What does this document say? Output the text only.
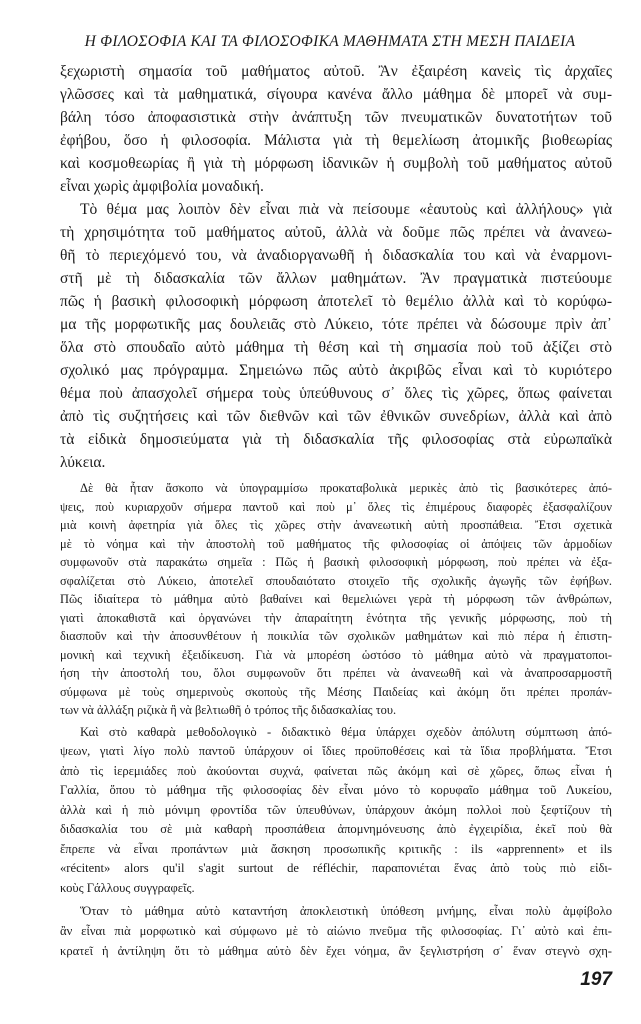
Η ΦΙΛΟΣΟΦΙΑ ΚΑΙ ΤΑ ΦΙΛΟΣΟΦΙΚΑ ΜΑΘΗΜΑΤΑ ΣΤΗ ΜΕΣΗ ΠΑΙΔΕΙΑ
ξεχωριστὴ σημασία τοῦ μαθήματος αὐτοῦ. Ἂν ἐξαιρέση κανεὶς τὶς ἀρχαῖες
γλῶσσες καὶ τὰ μαθηματικά, σίγουρα κανένα ἄλλο μάθημα δὲ μπορεῖ νὰ συμ-
βάλη τόσο ἀποφασιστικὰ στὴν ἀνάπτυξη τῶν πνευματικῶν δυνατοτήτων τοῦ
ἐφήβου, ὅσο ἡ φιλοσοφία. Μάλιστα γιὰ τὴ θεμελίωση ἀτομικῆς βιοθεωρίας
καὶ κοσμοθεωρίας ἢ γιὰ τὴ μόρφωση ἰδανικῶν ἡ συμβολὴ τοῦ μαθήματος αὐτοῦ
εἶναι χωρὶς ἀμφιβολία μοναδική.
Τὸ θέμα μας λοιπὸν δὲν εἶναι πιὰ νὰ πείσουμε «ἑαυτοὺς καὶ ἀλλήλους» γιὰ
τὴ χρησιμότητα τοῦ μαθήματος αὐτοῦ, ἀλλὰ νὰ δοῦμε πῶς πρέπει νὰ ἀνανεω-
θῆ τὸ περιεχόμενό του, νὰ ἀναδιοργανωθῆ ἡ διδασκαλία του καὶ νὰ ἐναρμονι-
στῆ μὲ τὴ διδασκαλία τῶν ἄλλων μαθημάτων. Ἂν πραγματικὰ πιστεύουμε
πῶς ἡ βασικὴ φιλοσοφικὴ μόρφωση ἀποτελεῖ τὸ θεμέλιο ἀλλὰ καὶ τὸ κορύφω-
μα τῆς μορφωτικῆς μας δουλειᾶς στὸ Λύκειο, τότε πρέπει νὰ δώσουμε πρὶν ἀπ᾽
ὅλα στὸ σπουδαῖο αὐτὸ μάθημα τὴ θέση καὶ τὴ σημασία ποὺ τοῦ ἀξίζει στὸ
σχολικό μας πρόγραμμα. Σημειώνω πῶς αὐτὸ ἀκριβῶς εἶναι καὶ τὸ κυριότερο
θέμα ποὺ ἀπασχολεῖ σήμερα τοὺς ὑπεύθυνους σ᾽ ὅλες τὶς χῶρες, ὅπως φαίνεται
ἀπὸ τὶς συζητήσεις καὶ τῶν διεθνῶν καὶ τῶν ἐθνικῶν συνεδρίων, ἀλλὰ καὶ ἀπὸ
τὰ εἰδικὰ δημοσιεύματα γιὰ τὴ διδασκαλία τῆς φιλοσοφίας στὰ εὐρωπαϊκὰ
λύκεια.
Δὲ θὰ ἦταν ἄσκοπο νὰ ὑπογραμμίσω προκαταβολικὰ μερικὲς ἀπὸ τὶς βασικότερες ἀπό-
ψεις, ποὺ κυριαρχοῦν σήμερα παντοῦ καὶ ποὺ μ᾽ ὅλες τὶς ἐπιμέρους διαφορὲς ἐξασφαλίζουν
μιὰ κοινὴ ἀφετηρία γιὰ ὅλες τὶς χῶρες στὴν ἀνανεωτικὴ αὐτὴ προσπάθεια. Ἔτσι σχετικὰ
μὲ τὸ νόημα καὶ τὴν ἀποστολὴ τοῦ μαθήματος τῆς φιλοσοφίας οἱ ἀπόψεις τῶν ἁρμοδίων
συμφωνοῦν στὰ παρακάτω σημεῖα : Πῶς ἡ βασικὴ φιλοσοφικὴ μόρφωση, ποὺ πρέπει νὰ ἐξα-
σφαλίζεται στὸ Λύκειο, ἀποτελεῖ σπουδαιότατο στοιχεῖο τῆς σχολικῆς ἀγωγῆς τῶν ἐφήβων.
Πῶς ἰδιαίτερα τὸ μάθημα αὐτὸ βαθαίνει καὶ θεμελιώνει γερὰ τὴ μόρφωση τῶν ἀνθρώπων,
γιατὶ ἀποκαθιστᾶ καὶ ὀργανώνει τὴν ἀπαραίτητη ἑνότητα τῆς γενικῆς μόρφωσης, ποὺ τὴ
διασποῦν καὶ τὴν ἀποσυνθέτουν ἡ ποικιλία τῶν σχολικῶν μαθημάτων καὶ πιὸ πέρα ἡ ἐπιστη-
μονικὴ καὶ τεχνικὴ ἐξειδίκευση. Γιὰ νὰ μπορέση ὡστόσο τὸ μάθημα αὐτὸ νὰ πραγματοποι-
ήση τὴν ἀποστολή του, ὅλοι συμφωνοῦν ὅτι πρέπει νὰ ἀνανεωθῆ καὶ νὰ ἀναπροσαρμοστῆ
σύμφωνα μὲ τοὺς σημερινοὺς σκοποὺς τῆς Μέσης Παιδείας καὶ ἀκόμη ὅτι πρέπει προπάν-
των νὰ ἀλλάξη ριζικὰ ἢ νὰ βελτιωθῆ ὁ τρόπος τῆς διδασκαλίας του.
Καὶ στὸ καθαρὰ μεθοδολογικὸ - διδακτικὸ θέμα ὑπάρχει σχεδὸν ἀπόλυτη σύμπτωση ἀπό-
ψεων, γιατὶ λίγο πολὺ παντοῦ ὑπάρχουν οἱ ἴδιες προϋποθέσεις καὶ τὰ ἴδια προβλήματα. Ἔτσι
ἀπὸ τὶς ἱερεμιάδες ποὺ ἀκούονται συχνά, φαίνεται πῶς ἀκόμη καὶ σὲ χῶρες, ὅπως εἶναι ἡ
Γαλλία, ὅπου τὸ μάθημα τῆς φιλοσοφίας δὲν εἶναι μόνο τὸ κορυφαῖο μάθημα τοῦ Λυκείου,
ἀλλὰ καὶ ἡ πιὸ μόνιμη φροντίδα τῶν ὑπευθύνων, ὑπάρχουν ἀκόμη πολλοὶ ποὺ ξεφτίζουν τὴ
διδασκαλία του σὲ μιὰ καθαρὴ προσπάθεια ἀπομνημόνευσης ἀπὸ ἐγχειρίδια, ἐκεῖ ποὺ θὰ
ἔπρεπε νὰ εἶναι προπάντων μιὰ ἄσκηση προσωπικῆς κριτικῆς : ils «apprennent» et ils
«récitent» alors qu'il s'agit surtout de réfléchir, παραπονιέται ἕνας ἀπὸ τοὺς πιὸ εἰδι-
κοὺς Γάλλους συγγραφεῖς.
Ὅταν τὸ μάθημα αὐτὸ καταντήση ἀποκλειστικὴ ὑπόθεση μνήμης, εἶναι πολὺ ἀμφίβολο
ἂν εἶναι πιὰ μορφωτικὸ καὶ σύμφωνο μὲ τὸ αἰώνιο πνεῦμα τῆς φιλοσοφίας. Γι᾽ αὐτὸ καὶ ἐπι-
κρατεῖ ἡ ἀντίληψη ὅτι τὸ μάθημα αὐτὸ δὲν ἔχει νόημα, ἂν ξεγλιστρήση σ᾽ ἕναν στεγνὸ σχη-
197
